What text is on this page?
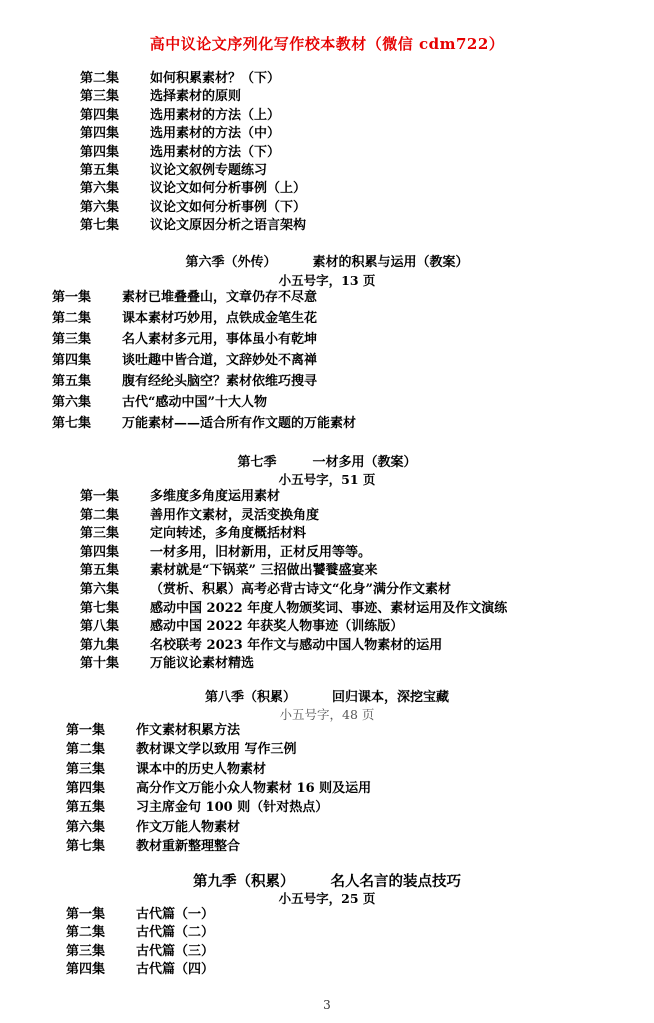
高中议论文序列化写作校本教材（微信 cdm722）
第二集 如何积累素材？（下）
第三集 选择素材的原则
第四集 选用素材的方法（上）
第四集 选用素材的方法（中）
第四集 选用素材的方法（下）
第五集 议论文叙例专题练习
第六集 议论文如何分析事例（上）
第六集 议论文如何分析事例（下）
第七集 议论文原因分析之语言架构
第六季（外传）	素材的积累与运用（教案）
小五号字，13 页
第一集 素材已堆叠叠山，文章仍存不尽意
第二集 课本素材巧妙用，点铁成金笔生花
第三集 名人素材多元用，事体虽小有乾坤
第四集 谈吐趣中皆合道，文辞妙处不离禅
第五集 腹有经纶头脑空？素材依维巧搜寻
第六集 古代“感动中国”十大人物
第七集 万能素材——适合所有作文题的万能素材
第七季	一材多用（教案）
小五号字，51 页
第一集 多维度多角度运用素材
第二集 善用作文素材，灵活变换角度
第三集 定向转述，多角度概括材料
第四集 一材多用，旧材新用，正材反用等等。
第五集 素材就是“下锅菜” 三招做出饕餮盛宴来
第六集 （赏析、积累）高考必背古诗文“化身”满分作文素材
第七集 感动中国 2022 年度人物颁奖词、事迹、素材运用及作文演练
第八集 感动中国 2022 年获奖人物事迹（训练版）
第九集 名校联考 2023 年作文与感动中国人物素材的运用
第十集 万能议论素材精选
第八季（积累）	回归课本，深挖宝藏
小五号字，48 页
第一集 作文素材积累方法
第二集 教材课文学以致用 写作三例
第三集 课本中的历史人物素材
第四集 高分作文万能小众人物素材 16 则及运用
第五集 习主席金句 100 则（针对热点）
第六集 作文万能人物素材
第七集 教材重新整理整合
第九季（积累） 名人名言的装点技巧
小五号字，25 页
第一集 古代篇（一）
第二集 古代篇（二）
第三集 古代篇（三）
第四集 古代篇（四）
3
